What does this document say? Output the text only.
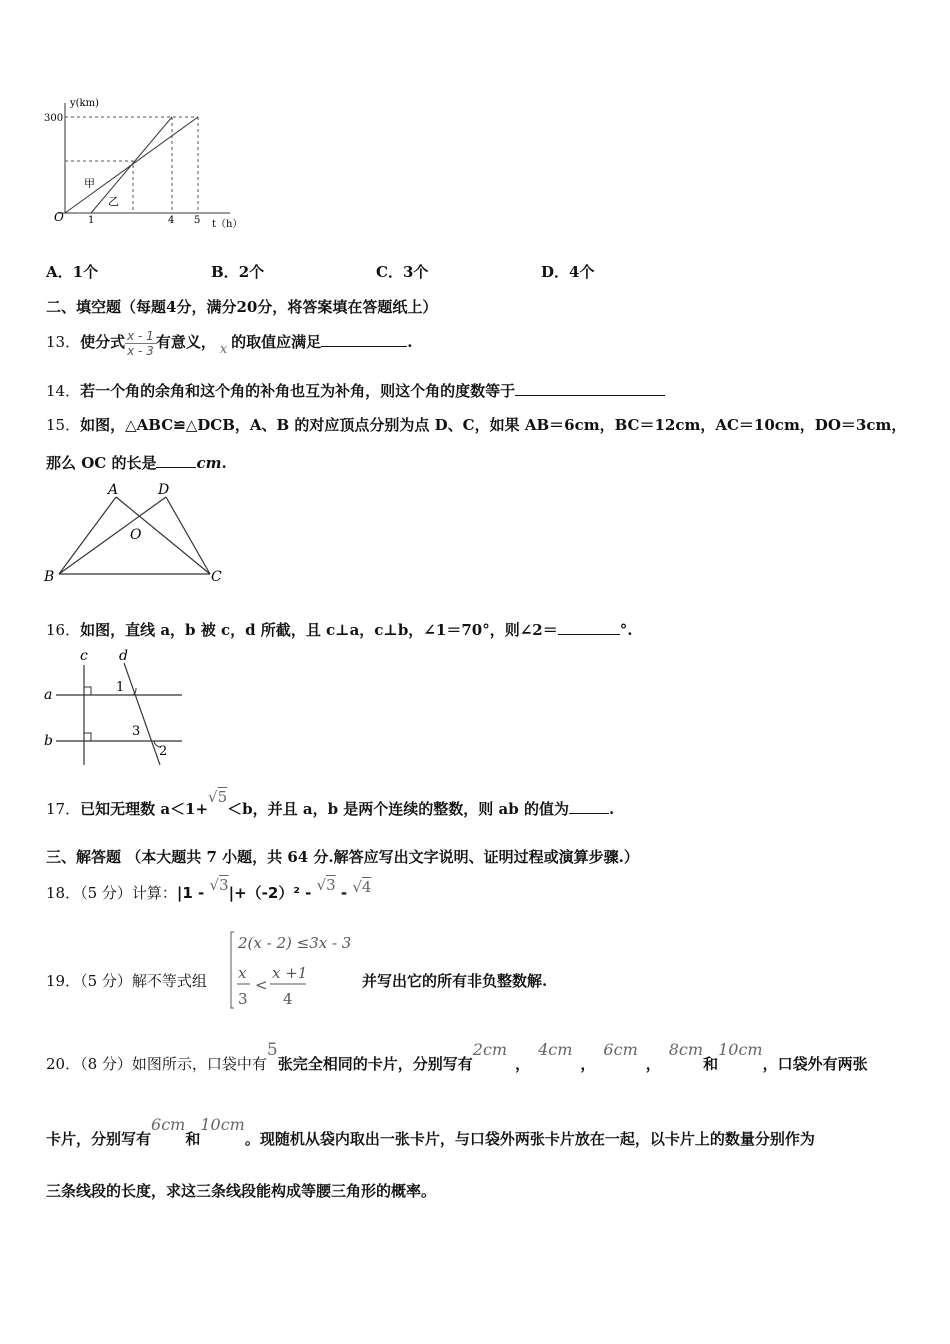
y(km)
300
O 1	4 5 t（h）
甲
乙
A．1个	B．2个	C．3个	D．4个
二、填空题（每题4分，满分20分，将答案填在答题纸上）
13．使分式 $\frac{x - 1}{x - 3}$ 有意义， x 的取值应满足	.
14．若一个角的余角和这个角的补角也互为补角，则这个角的度数等于
15．如图，△ABC≌△DCB，A、B 的对应顶点分别为点 D、C，如果 AB＝6cm，BC＝12cm，AC＝10cm，DO＝3cm，
那么 OC 的长是	cm.
A	D
O
B	C
16．如图，直线 a，b 被 c，d 所截，且 c⊥a，c⊥b，∠1＝70°，则∠2＝	°.
c d
a
b
1
3
2
17．已知无理数 a＜1+√5＜b，并且 a，b 是两个连续的整数，则 ab 的值为	.
三、解答题 （本大题共 7 小题，共 64 分.解答应写出文字说明、证明过程或演算步骤.）
18．（5 分）计算：|1 - √3|+（-2）² - √3 - √4
19．（5 分）解不等式组
2(x - 2) ≤3x - 3
x
3
<
x +1
4
并写出它的所有非负整数解.
20．（8 分）如图所示，口袋中有5张完全相同的卡片，分别写有2cm，4cm，6cm，8cm和10cm，口袋外有两张
卡片，分别写有6cm和10cm。现随机从袋内取出一张卡片，与口袋外两张卡片放在一起，以卡片上的数量分别作为
三条线段的长度，求这三条线段能构成等腰三角形的概率。
